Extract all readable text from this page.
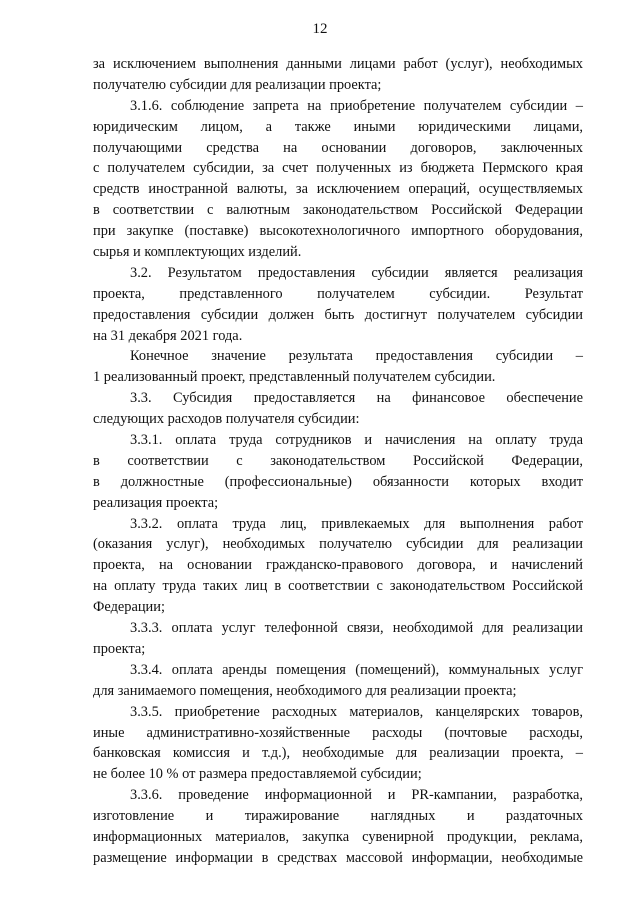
12
за исключением выполнения данными лицами работ (услуг), необходимых
получателю субсидии для реализации проекта;
3.1.6. соблюдение запрета на приобретение получателем субсидии –
юридическим лицом, а также иными юридическими лицами,
получающими средства на основании договоров, заключенных
с получателем субсидии, за счет полученных из бюджета Пермского края
средств иностранной валюты, за исключением операций, осуществляемых
в соответствии с валютным законодательством Российской Федерации
при закупке (поставке) высокотехнологичного импортного оборудования,
сырья и комплектующих изделий.
3.2. Результатом предоставления субсидии является реализация
проекта, представленного получателем субсидии. Результат
предоставления субсидии должен быть достигнут получателем субсидии
на 31 декабря 2021 года.
Конечное значение результата предоставления субсидии –
1 реализованный проект, представленный получателем субсидии.
3.3. Субсидия предоставляется на финансовое обеспечение
следующих расходов получателя субсидии:
3.3.1. оплата труда сотрудников и начисления на оплату труда
в соответствии с законодательством Российской Федерации,
в должностные (профессиональные) обязанности которых входит
реализация проекта;
3.3.2. оплата труда лиц, привлекаемых для выполнения работ
(оказания услуг), необходимых получателю субсидии для реализации
проекта, на основании гражданско-правового договора, и начислений
на оплату труда таких лиц в соответствии с законодательством Российской
Федерации;
3.3.3. оплата услуг телефонной связи, необходимой для реализации
проекта;
3.3.4. оплата аренды помещения (помещений), коммунальных услуг
для занимаемого помещения, необходимого для реализации проекта;
3.3.5. приобретение расходных материалов, канцелярских товаров,
иные административно-хозяйственные расходы (почтовые расходы,
банковская комиссия и т.д.), необходимые для реализации проекта, –
не более 10 % от размера предоставляемой субсидии;
3.3.6. проведение информационной и PR-кампании, разработка,
изготовление и тиражирование наглядных и раздаточных
информационных материалов, закупка сувенирной продукции, реклама,
размещение информации в средствах массовой информации, необходимые
